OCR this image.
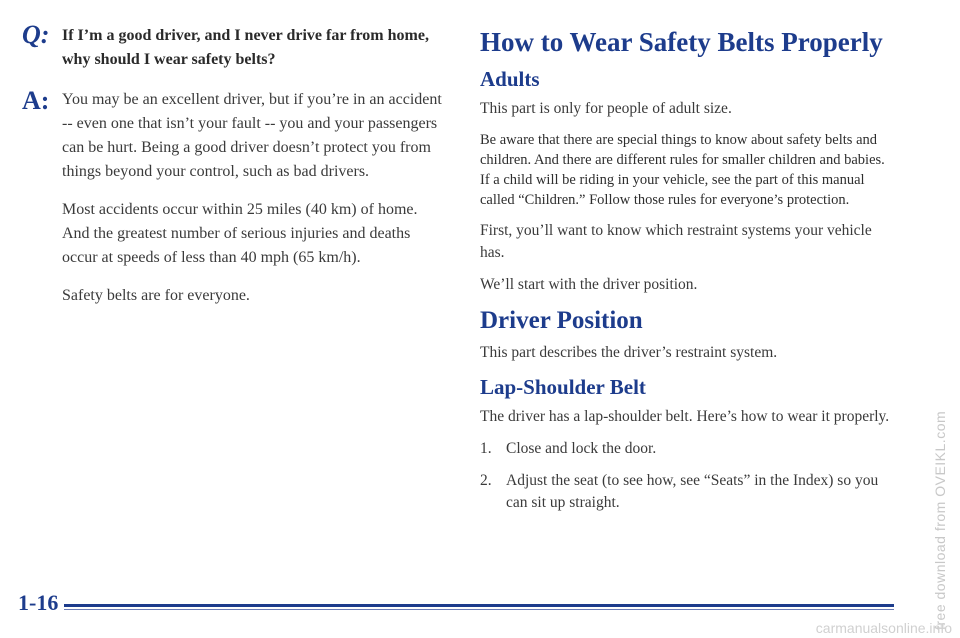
Q: If I’m a good driver, and I never drive far from home, why should I wear safety belts?

A: You may be an excellent driver, but if you’re in an accident -- even one that isn’t your fault -- you and your passengers can be hurt. Being a good driver doesn’t protect you from things beyond your control, such as bad drivers.

Most accidents occur within 25 miles (40 km) of home. And the greatest number of serious injuries and deaths occur at speeds of less than 40 mph (65 km/h).

Safety belts are for everyone.

How to Wear Safety Belts Properly
Adults

This part is only for people of adult size.

Be aware that there are special things to know about safety belts and children. And there are different rules for smaller children and babies. If a child will be riding in your vehicle, see the part of this manual called “Children.” Follow those rules for everyone’s protection.

First, you’ll want to know which restraint systems your vehicle has.

We’ll start with the driver position.

Driver Position

This part describes the driver’s restraint system.

Lap-Shoulder Belt

The driver has a lap-shoulder belt. Here’s how to wear it properly.

1. Close and lock the door.
2. Adjust the seat (to see how, see “Seats” in the Index) so you can sit up straight.
1-16	free download from OVEIKL.com
carmanualsonline.info
